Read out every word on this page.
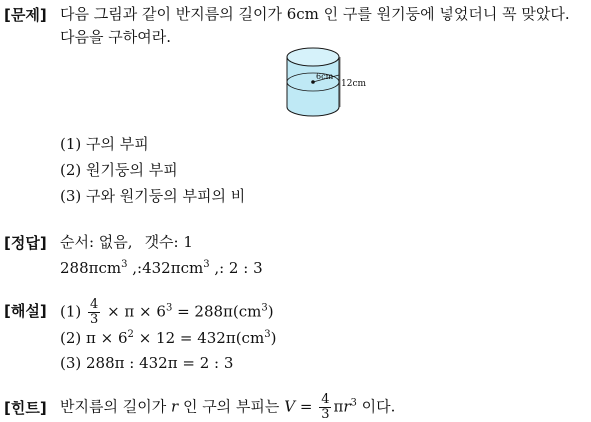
[문제] 다음 그림과 같이 반지름의 길이가 6cm 인 구를 원기둥에 넣었더니 꼭 맞았다.
다음을 구하여라.
6cm
12cm
(1) 구의 부피
(2) 원기둥의 부피
(3) 구와 원기둥의 부피의 비
[정답] 순서: 없음, 갯수: 1
288πcm$^3$ ,:432πcm$^3$ ,: 2 : 3
[해설] $(1) \frac{4}{3} \times \pi \times 6^3 = 288\pi(cm^3)$
(2) $\pi \times 6^2 \times 12 = 432\pi(cm^3)$
(3) 288π : 432π = 2 : 3
[힌트] 반지름의 길이가 r 인 구의 부피는 $V = \frac{4}{3} \pi r^3$ 이다.
